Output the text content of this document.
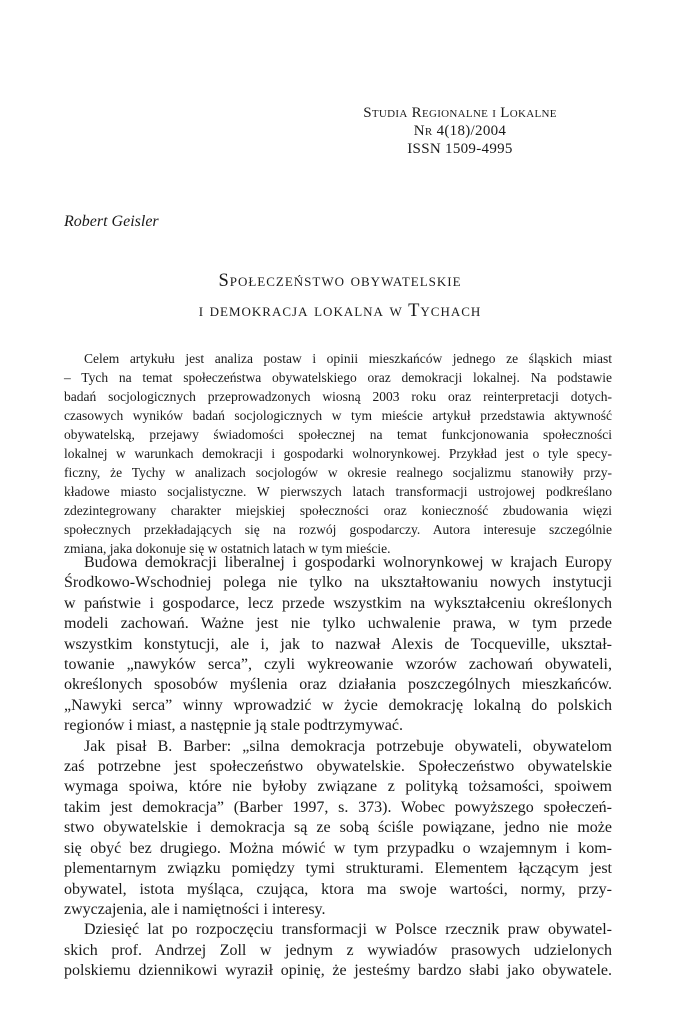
Studia Regionalne i Lokalne
Nr 4(18)/2004
ISSN 1509-4995
Robert Geisler
Społeczeństwo obywatelskie
i demokracja lokalna w Tychach
Celem artykułu jest analiza postaw i opinii mieszkańców jednego ze śląskich miast
– Tych na temat społeczeństwa obywatelskiego oraz demokracji lokalnej. Na podstawie
badań socjologicznych przeprowadzonych wiosną 2003 roku oraz reinterpretacji dotych-
czasowych wyników badań socjologicznych w tym mieście artykuł przedstawia aktywność
obywatelską, przejawy świadomości społecznej na temat funkcjonowania społeczności
lokalnej w warunkach demokracji i gospodarki wolnorynkowej. Przykład jest o tyle specy-
ficzny, że Tychy w analizach socjologów w okresie realnego socjalizmu stanowiły przy-
kładowe miasto socjalistyczne. W pierwszych latach transformacji ustrojowej podkreślano
zdezintegrowany charakter miejskiej społeczności oraz konieczność zbudowania więzi
społecznych przekładających się na rozwój gospodarczy. Autora interesuje szczególnie
zmiana, jaka dokonuje się w ostatnich latach w tym mieście.
Budowa demokracji liberalnej i gospodarki wolnorynkowej w krajach Europy
Środkowo-Wschodniej polega nie tylko na ukształtowaniu nowych instytucji
w państwie i gospodarce, lecz przede wszystkim na wykształceniu określonych
modeli zachowań. Ważne jest nie tylko uchwalenie prawa, w tym przede
wszystkim konstytucji, ale i, jak to nazwał Alexis de Tocqueville, ukształ-
towanie „nawyków serca”, czyli wykreowanie wzorów zachowań obywateli,
określonych sposobów myślenia oraz działania poszczególnych mieszkańców.
„Nawyki serca” winny wprowadzić w życie demokrację lokalną do polskich
regionów i miast, a następnie ją stale podtrzymywać.
Jak pisał B. Barber: „silna demokracja potrzebuje obywateli, obywatelom
zaś potrzebne jest społeczeństwo obywatelskie. Społeczeństwo obywatelskie
wymaga spoiwa, które nie byłoby związane z polityką tożsamości, spoiwem
takim jest demokracja” (Barber 1997, s. 373). Wobec powyższego społeczeń-
stwo obywatelskie i demokracja są ze sobą ściśle powiązane, jedno nie może
się obyć bez drugiego. Można mówić w tym przypadku o wzajemnym i kom-
plementarnym związku pomiędzy tymi strukturami. Elementem łączącym jest
obywatel, istota myśląca, czująca, ktora ma swoje wartości, normy, przy-
zwyczajenia, ale i namiętności i interesy.
Dziesięć lat po rozpoczęciu transformacji w Polsce rzecznik praw obywatel-
skich prof. Andrzej Zoll w jednym z wywiadów prasowych udzielonych
polskiemu dziennikowi wyraził opinię, że jesteśmy bardzo słabi jako obywatele.
